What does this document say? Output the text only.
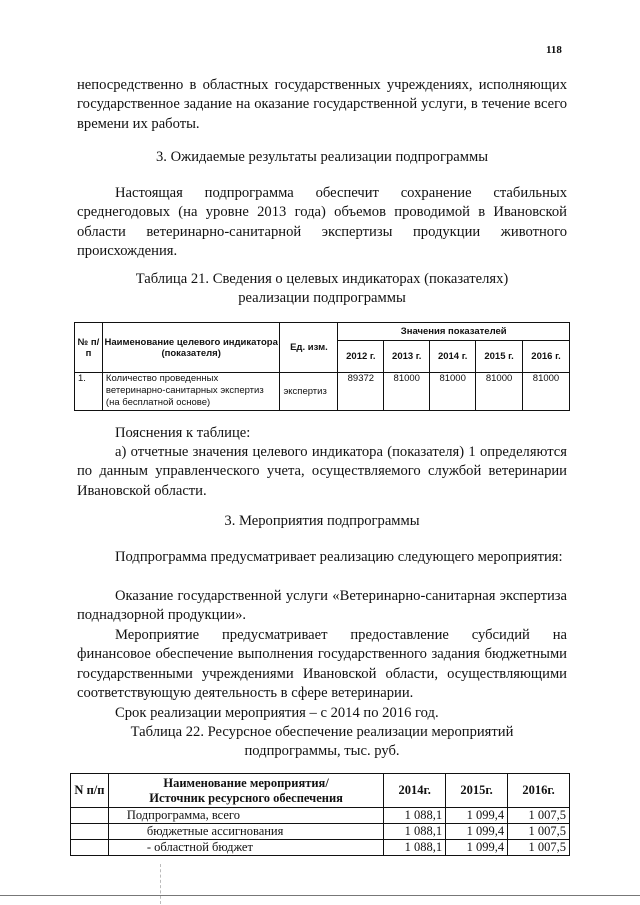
118
непосредственно в областных государственных учреждениях, исполняющих государственное задание на оказание государственной услуги, в течение всего времени их работы.
3. Ожидаемые результаты реализации подпрограммы
Настоящая подпрограмма обеспечит сохранение стабильных среднегодовых (на уровне 2013 года) объемов проводимой в Ивановской области ветеринарно-санитарной экспертизы продукции животного происхождения.
Таблица 21. Сведения о целевых индикаторах (показателях)
реализации подпрограммы
№ п/п	Наименование целевого индикатора (показателя)	Ед. изм.	Значения показателей				
			2012 г.	2013 г.	2014 г.	2015 г.	2016 г.
1.	Количество проведенных ветеринарно-санитарных экспертиз (на бесплатной основе)	экспертиз	89372	81000	81000	81000	81000
Пояснения к таблице:
а) отчетные значения целевого индикатора (показателя) 1 определяются по данным управленческого учета, осуществляемого службой ветеринарии Ивановской области.
3. Мероприятия подпрограммы
Подпрограмма предусматривает реализацию следующего мероприятия:
Оказание государственной услуги «Ветеринарно-санитарная экспертиза поднадзорной продукции».
Мероприятие предусматривает предоставление субсидий на финансовое обеспечение выполнения государственного задания бюджетными государственными учреждениями Ивановской области, осуществляющими соответствующую деятельность в сфере ветеринарии.
Срок реализации мероприятия – с 2014 по 2016 год.
Таблица 22. Ресурсное обеспечение реализации мероприятий
подпрограммы, тыс. руб.
N п/п	Наименование мероприятия/
Источник ресурсного обеспечения	2014г.	2015г.	2016г.
	Подпрограмма, всего	1 088,1	1 099,4	1 007,5
	бюджетные ассигнования	1 088,1	1 099,4	1 007,5
	- областной бюджет	1 088,1	1 099,4	1 007,5
